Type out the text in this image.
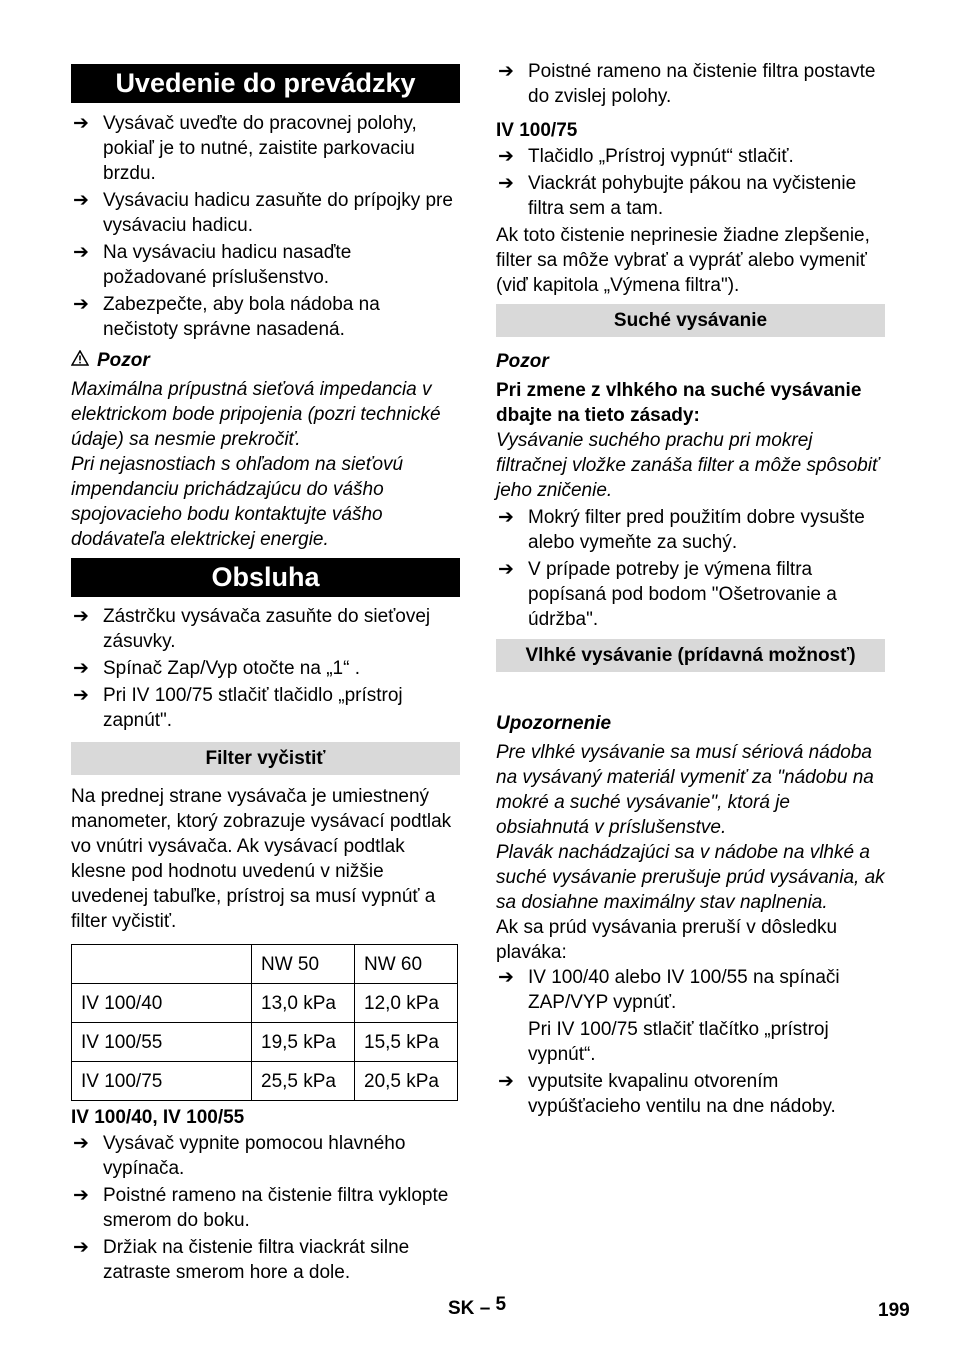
Uvedenie do prevádzky
➔ Vysávač uveďte do pracovnej polohy, pokiaľ je to nutné, zaistite parkovaciu brzdu.
➔ Vysávaciu hadicu zasuňte do prípojky pre vysávaciu hadicu.
➔ Na vysávaciu hadicu nasaďte požadované príslušenstvo.
➔ Zabezpečte, aby bola nádoba na nečistoty správne nasadená.
Pozor
Maximálna prípustná sieťová impedancia v elektrickom bode pripojenia (pozri technické údaje) sa nesmie prekročiť.
Pri nejasnostiach s ohľadom na sieťovú impendanciu prichádzajúcu do vášho spojovacieho bodu kontaktujte vášho dodávateľa elektrickej energie.
Obsluha
➔ Zástrčku vysávača zasuňte do sieťovej zásuvky.
➔ Spínač Zap/Vyp otočte na „1“ .
➔ Pri IV 100/75 stlačiť tlačidlo „prístroj zapnút".
Filter vyčistiť
Na prednej strane vysávača je umiestnený manometer, ktorý zobrazuje vysávací podtlak vo vnútri vysávača. Ak vysávací podtlak klesne pod hodnotu uvedenú v nižšie uvedenej tabuľke, prístroj sa musí vypnúť a filter vyčistiť.
	NW 50	NW 60
IV 100/40	13,0 kPa	12,0 kPa
IV 100/55	19,5 kPa	15,5 kPa
IV 100/75	25,5 kPa	20,5 kPa
IV 100/40, IV 100/55
➔ Vysávač vypnite pomocou hlavného vypínača.
➔ Poistné rameno na čistenie filtra vyklopte smerom do boku.
➔ Držiak na čistenie filtra viackrát silne zatraste smerom hore a dole.
➔ Poistné rameno na čistenie filtra postavte do zvislej polohy.
IV 100/75
➔ Tlačidlo „Prístroj vypnút“ stlačiť.
➔ Viackrát pohybujte pákou na vyčistenie filtra sem a tam.
Ak toto čistenie neprinesie žiadne zlepšenie, filter sa môže vybrať a vypráť alebo vymeniť (viď kapitola „Výmena filtra").
Suché vysávanie
Pozor
Pri zmene z vlhkého na suché vysávanie dbajte na tieto zásady:
Vysávanie suchého prachu pri mokrej filtračnej vložke zanáša filter a môže spôsobiť jeho zničenie.
➔ Mokrý filter pred použitím dobre vysušte alebo vymeňte za suchý.
➔ V prípade potreby je výmena filtra popísaná pod bodom "Ošetrovanie a údržba".
Vlhké vysávanie (prídavná možnosť)
Upozornenie
Pre vlhké vysávanie sa musí sériová nádoba na vysávaný materiál vymeniť za "nádobu na mokré a suché vysávanie", ktorá je obsiahnutá v príslušenstve.
Plavák nachádzajúci sa v nádobe na vlhké a suché vysávanie prerušuje prúd vysávania, ak sa dosiahne maximálny stav naplnenia.
Ak sa prúd vysávania preruší v dôsledku plaváka:
➔ IV 100/40 alebo IV 100/55 na spínači ZAP/VYP vypnúť.
Pri IV 100/75 stlačiť tlačítko „prístroj vypnút“.
➔ vyputsite kvapalinu otvorením vypúšťacieho ventilu na dne nádoby.
SK – 5	199
